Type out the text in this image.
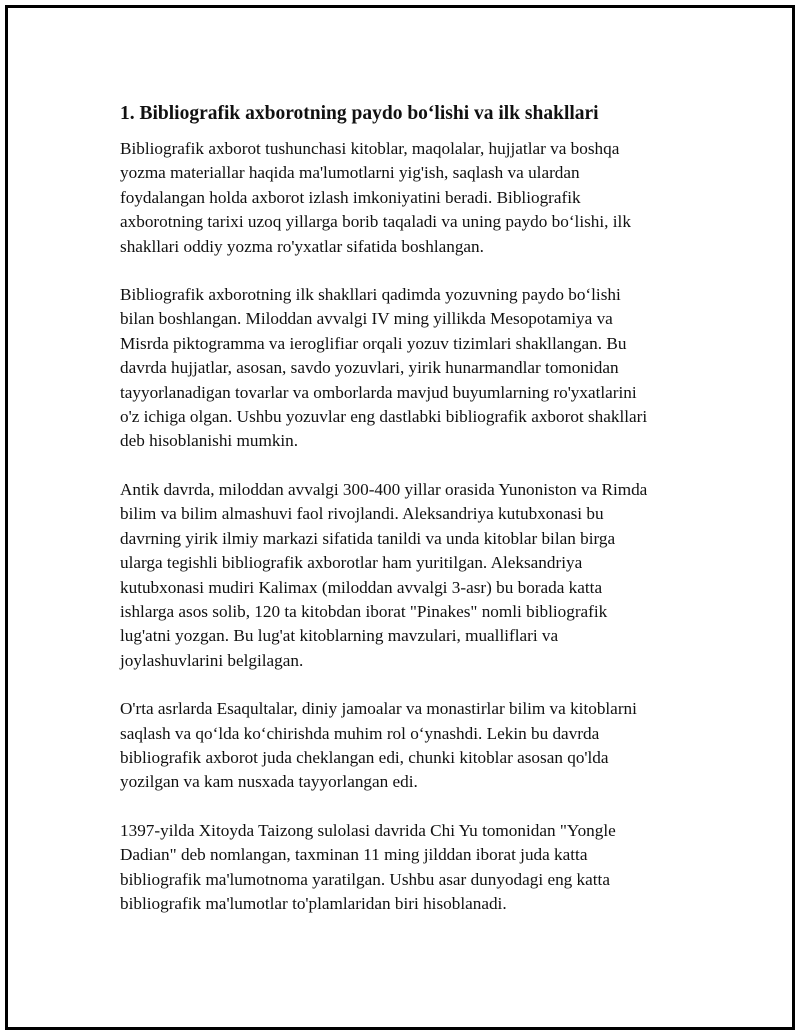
1. Bibliografik axborotning paydo bo‘lishi va ilk shakllari
Bibliografik axborot tushunchasi kitoblar, maqolalar, hujjatlar va boshqa
yozma materiallar haqida ma'lumotlarni yig'ish, saqlash va ulardan
foydalangan holda axborot izlash imkoniyatini beradi. Bibliografik
axborotning tarixi uzoq yillarga borib taqaladi va uning paydo bo‘lishi, ilk
shakllari oddiy yozma ro'yxatlar sifatida boshlangan.
Bibliografik axborotning ilk shakllari qadimda yozuvning paydo bo‘lishi
bilan boshlangan. Miloddan avvalgi IV ming yillikda Mesopotamiya va
Misrda piktogramma va ieroglifiar orqali yozuv tizimlari shakllangan. Bu
davrda hujjatlar, asosan, savdo yozuvlari, yirik hunarmandlar tomonidan
tayyorlanadigan tovarlar va omborlarda mavjud buyumlarning ro'yxatlarini
o'z ichiga olgan. Ushbu yozuvlar eng dastlabki bibliografik axborot shakllari
deb hisoblanishi mumkin.
Antik davrda, miloddan avvalgi 300-400 yillar orasida Yunoniston va Rimda
bilim va bilim almashuvi faol rivojlandi. Aleksandriya kutubxonasi bu
davrning yirik ilmiy markazi sifatida tanildi va unda kitoblar bilan birga
ularga tegishli bibliografik axborotlar ham yuritilgan. Aleksandriya
kutubxonasi mudiri Kalimax (miloddan avvalgi 3-asr) bu borada katta
ishlarga asos solib, 120 ta kitobdan iborat "Pinakes" nomli bibliografik
lug'atni yozgan. Bu lug'at kitoblarning mavzulari, mualliflari va
joylashuvlarini belgilagan.
O'rta asrlarda Esaqultalar, diniy jamoalar va monastirlar bilim va kitoblarni
saqlash va qo‘lda ko‘chirishda muhim rol o‘ynashdi. Lekin bu davrda
bibliografik axborot juda cheklangan edi, chunki kitoblar asosan qo'lda
yozilgan va kam nusxada tayyorlangan edi.
1397-yilda Xitoyda Taizong sulolasi davrida Chi Yu tomonidan "Yongle
Dadian" deb nomlangan, taxminan 11 ming jilddan iborat juda katta
bibliografik ma'lumotnoma yaratilgan. Ushbu asar dunyodagi eng katta
bibliografik ma'lumotlar to'plamlaridan biri hisoblanadi.
